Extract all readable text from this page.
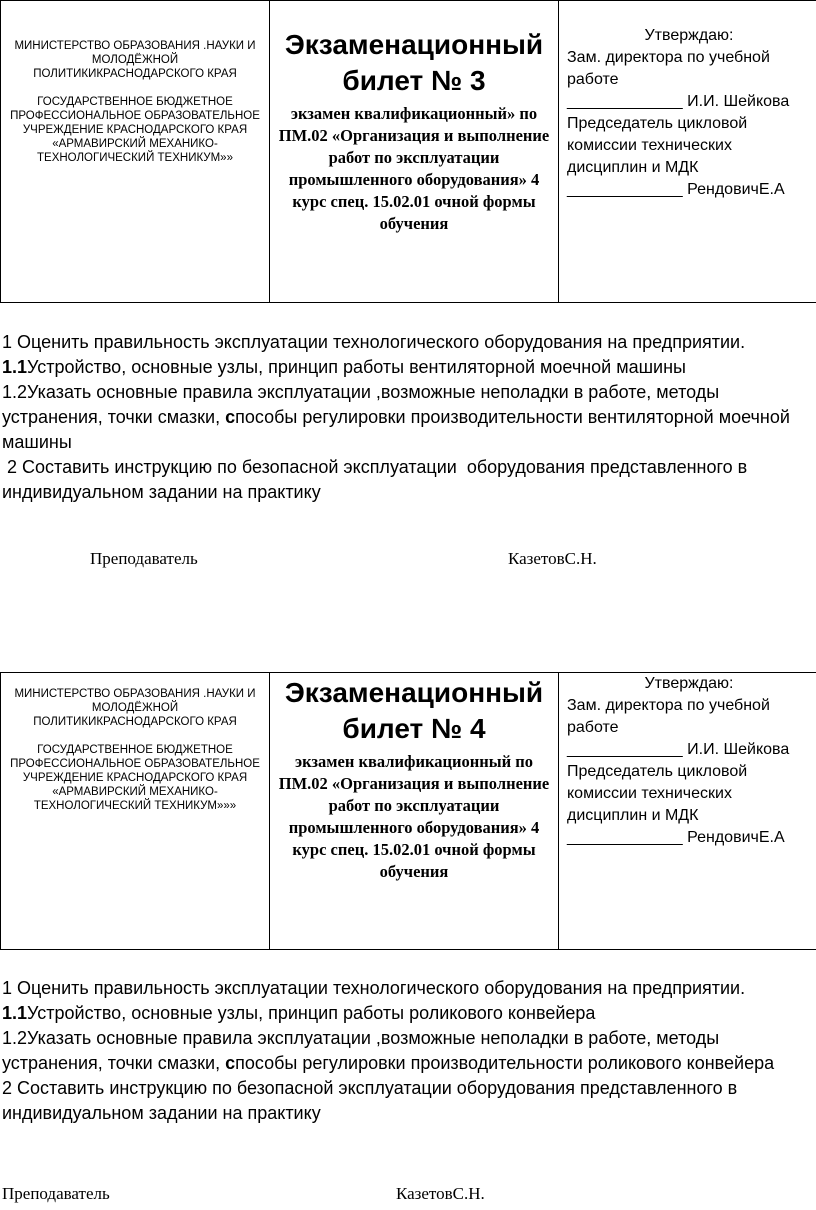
МИНИСТЕРСТВО ОБРАЗОВАНИЯ .НАУКИ И МОЛОДЁЖНОЙ ПОЛИТИКИКРАСНОДАРСКОГО КРАЯ
ГОСУДАРСТВЕННОЕ БЮДЖЕТНОЕ ПРОФЕССИОНАЛЬНОЕ ОБРАЗОВАТЕЛЬНОЕ УЧРЕЖДЕНИЕ КРАСНОДАРСКОГО КРАЯ «АРМАВИРСКИЙ МЕХАНИКО-ТЕХНОЛОГИЧЕСКИЙ ТЕХНИКУМ»»

Экзаменационный
билет № 3
экзамен квалификационный» по ПМ.02 «Организация и выполнение работ по эксплуатации промышленного оборудования» 4 курс спец. 15.02.01 очной формы обучения

Утверждаю:
Зам. директора по учебной работе
_____________ И.И. Шейкова
Председатель цикловой комиссии технических дисциплин и МДК
_____________ РендовичЕ.А

1 Оценить правильность эксплуатации технологического оборудования на предприятии.

1.1Устройство, основные узлы, принцип работы вентиляторной моечной машины

1.2Указать основные правила эксплуатации ,возможные неполадки в работе, методы устранения, точки смазки, способы регулировки производительности вентиляторной моечной машины

2 Составить инструкцию по безопасной эксплуатации  оборудования представленного в индивидуальном задании на практику

Преподаватель	КазетовС.Н.
МИНИСТЕРСТВО ОБРАЗОВАНИЯ .НАУКИ И МОЛОДЁЖНОЙ ПОЛИТИКИКРАСНОДАРСКОГО КРАЯ
ГОСУДАРСТВЕННОЕ БЮДЖЕТНОЕ ПРОФЕССИОНАЛЬНОЕ ОБРАЗОВАТЕЛЬНОЕ УЧРЕЖДЕНИЕ КРАСНОДАРСКОГО КРАЯ «АРМАВИРСКИЙ МЕХАНИКО-ТЕХНОЛОГИЧЕСКИЙ ТЕХНИКУМ»»»

Экзаменационный
билет № 4
экзамен квалификационный по ПМ.02 «Организация и выполнение работ по эксплуатации промышленного оборудования» 4 курс спец. 15.02.01 очной формы обучения

Утверждаю:
Зам. директора по учебной работе
_____________ И.И. Шейкова
Председатель цикловой комиссии технических дисциплин и МДК
_____________ РендовичЕ.А

1 Оценить правильность эксплуатации технологического оборудования на предприятии.

1.1Устройство, основные узлы, принцип работы роликового конвейера

1.2Указать основные правила эксплуатации ,возможные неполадки в работе, методы устранения, точки смазки, способы регулировки производительности роликового конвейера

2 Составить инструкцию по безопасной эксплуатации оборудования представленного в индивидуальном задании на практику

Преподаватель	КазетовС.Н.
